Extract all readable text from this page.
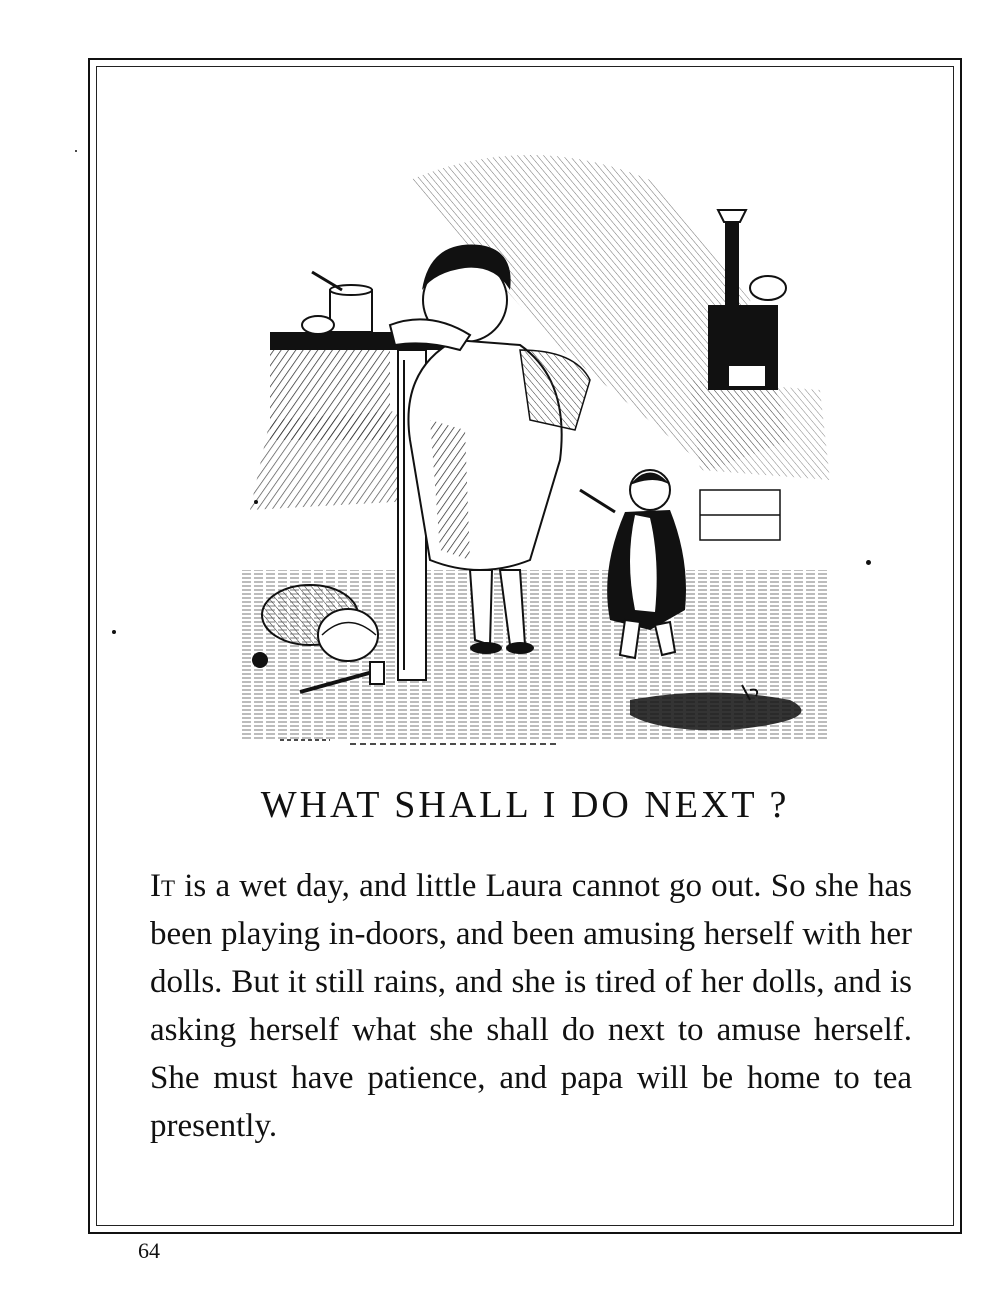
WHAT SHALL I DO NEXT ?

It is a wet day, and little Laura cannot go out. So she has been playing in-doors, and been amusing herself with her dolls. But it still rains, and she is tired of her dolls, and is asking herself what she shall do next to amuse herself. She must have patience, and papa will be home to tea presently.

64
